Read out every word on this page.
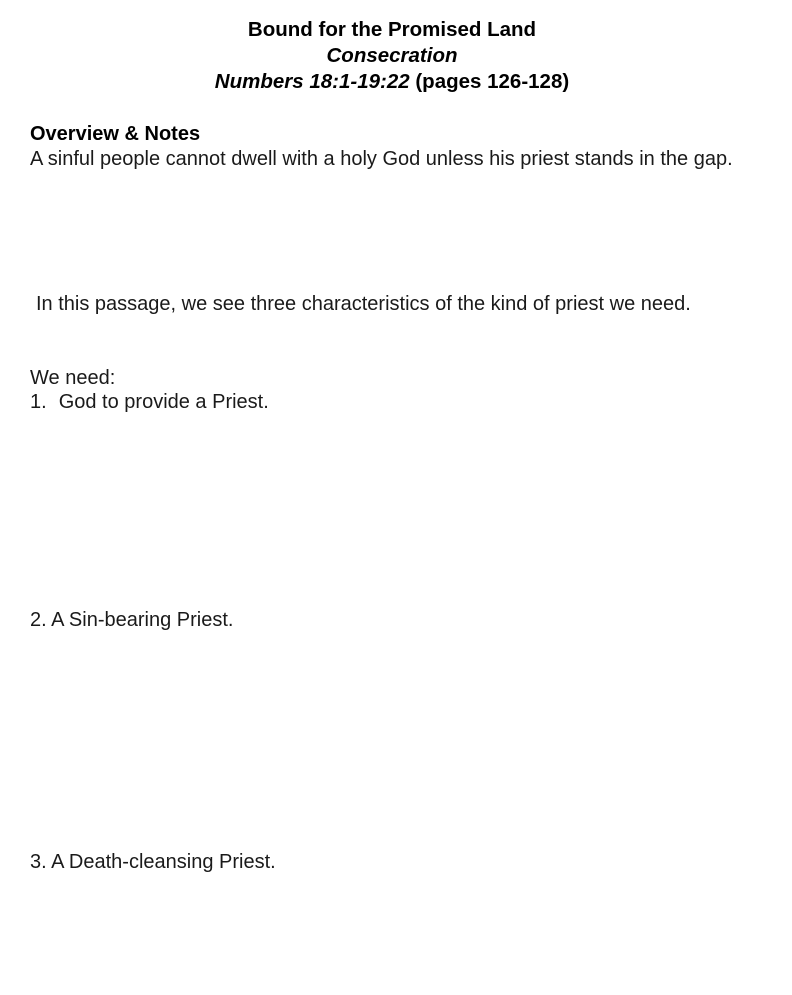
Bound for the Promised Land
Consecration
Numbers 18:1-19:22 (pages 126-128)
Overview & Notes
A sinful people cannot dwell with a holy God unless his priest stands in the gap.
In this passage, we see three characteristics of the kind of priest we need.
We need:
1. God to provide a Priest.
2. A Sin-bearing Priest.
3. A Death-cleansing Priest.
